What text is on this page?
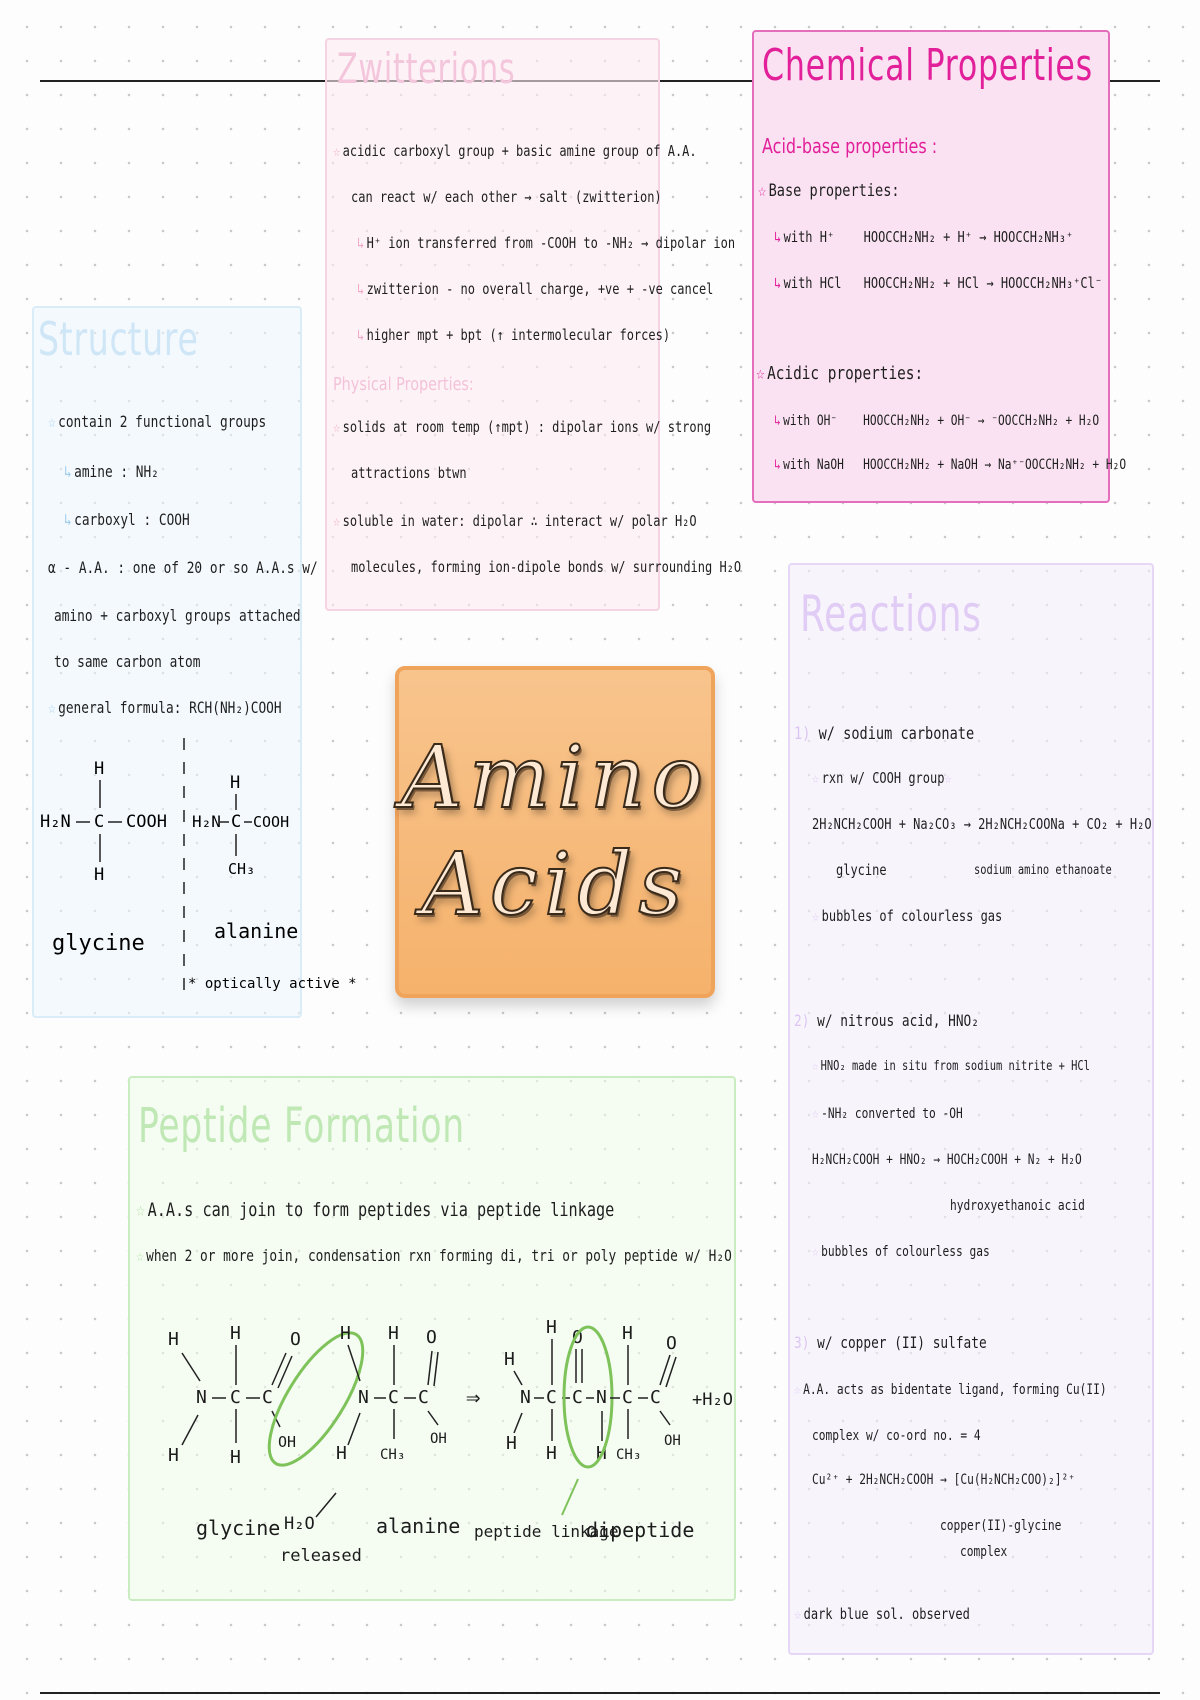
Structure
☆ contain 2 functional groups
↳ amine : NH₂
↳ carboxyl : COOH
α - A.A. : one of 20 or so A.A.s w/
amino + carboxyl groups attached
to same carbon atom
☆ general formula: RCH(NH₂)COOH
H
H₂N C COOH
H
glycine
H
H₂N C COOH
CH₃
alanine
* optically active *
Zwitterions
☆ acidic carboxyl group + basic amine group of A.A.
can react w/ each other → salt (zwitterion)
↳ H⁺ ion transferred from -COOH to -NH₂ → dipolar ion
↳ zwitterion - no overall charge, +ve + -ve cancel
↳ higher mpt + bpt (↑ intermolecular forces)
Physical Properties:
☆ solids at room temp (↑mpt) : dipolar ions w/ strong
attractions btwn
☆ soluble in water: dipolar ∴ interact w/ polar H₂O
molecules, forming ion-dipole bonds w/ surrounding H₂O
Chemical Properties
Acid-base properties :
☆ Base properties:
↳ with H⁺ HOOCCH₂NH₂ + H⁺ → HOOCCH₂NH₃⁺
↳ with HCl HOOCCH₂NH₂ + HCl → HOOCCH₂NH₃⁺Cl⁻
☆ Acidic properties:
↳ with OH⁻ HOOCCH₂NH₂ + OH⁻ → ⁻OOCCH₂NH₂ + H₂O
↳ with NaOH HOOCCH₂NH₂ + NaOH → Na⁺⁻OOCCH₂NH₂ + H₂O
Amino
Acids
Reactions
1) w/ sodium carbonate
☆ rxn w/ COOH group☆
2H₂NCH₂COOH + Na₂CO₃ → 2H₂NCH₂COONa + CO₂ + H₂O
glycine	sodium amino ethanoate
☆ bubbles of colourless gas
2) w/ nitrous acid, HNO₂
☆ HNO₂ made in situ from sodium nitrite + HCl
☆ -NH₂ converted to -OH
H₂NCH₂COOH + HNO₂ → HOCH₂COOH + N₂ + H₂O
hydroxyethanoic acid
☆ bubbles of colourless gas
3) w/ copper (II) sulfate
☆ A.A. acts as bidentate ligand, forming Cu(II)
complex w/ co-ord no. = 4
Cu²⁺ + 2H₂NCH₂COOH → [Cu(H₂NCH₂COO)₂]²⁺
copper(II)-glycine
complex
☆ dark blue sol. observed
Peptide Formation
☆ A.A.s can join to form peptides via peptide linkage
☆ when 2 or more join, condensation rxn forming di, tri or poly peptide w/ H₂O
H
N
H
C
H
H
C
O
OH
H
N
H
C
H
CH₃
C
O
OH
⇒
H
N
H
C
H
H
C
O
N
H
C
H
CH₃
C
O
OH
+H₂O
glycine H₂O
released
alanine peptide linkage
dipeptide
